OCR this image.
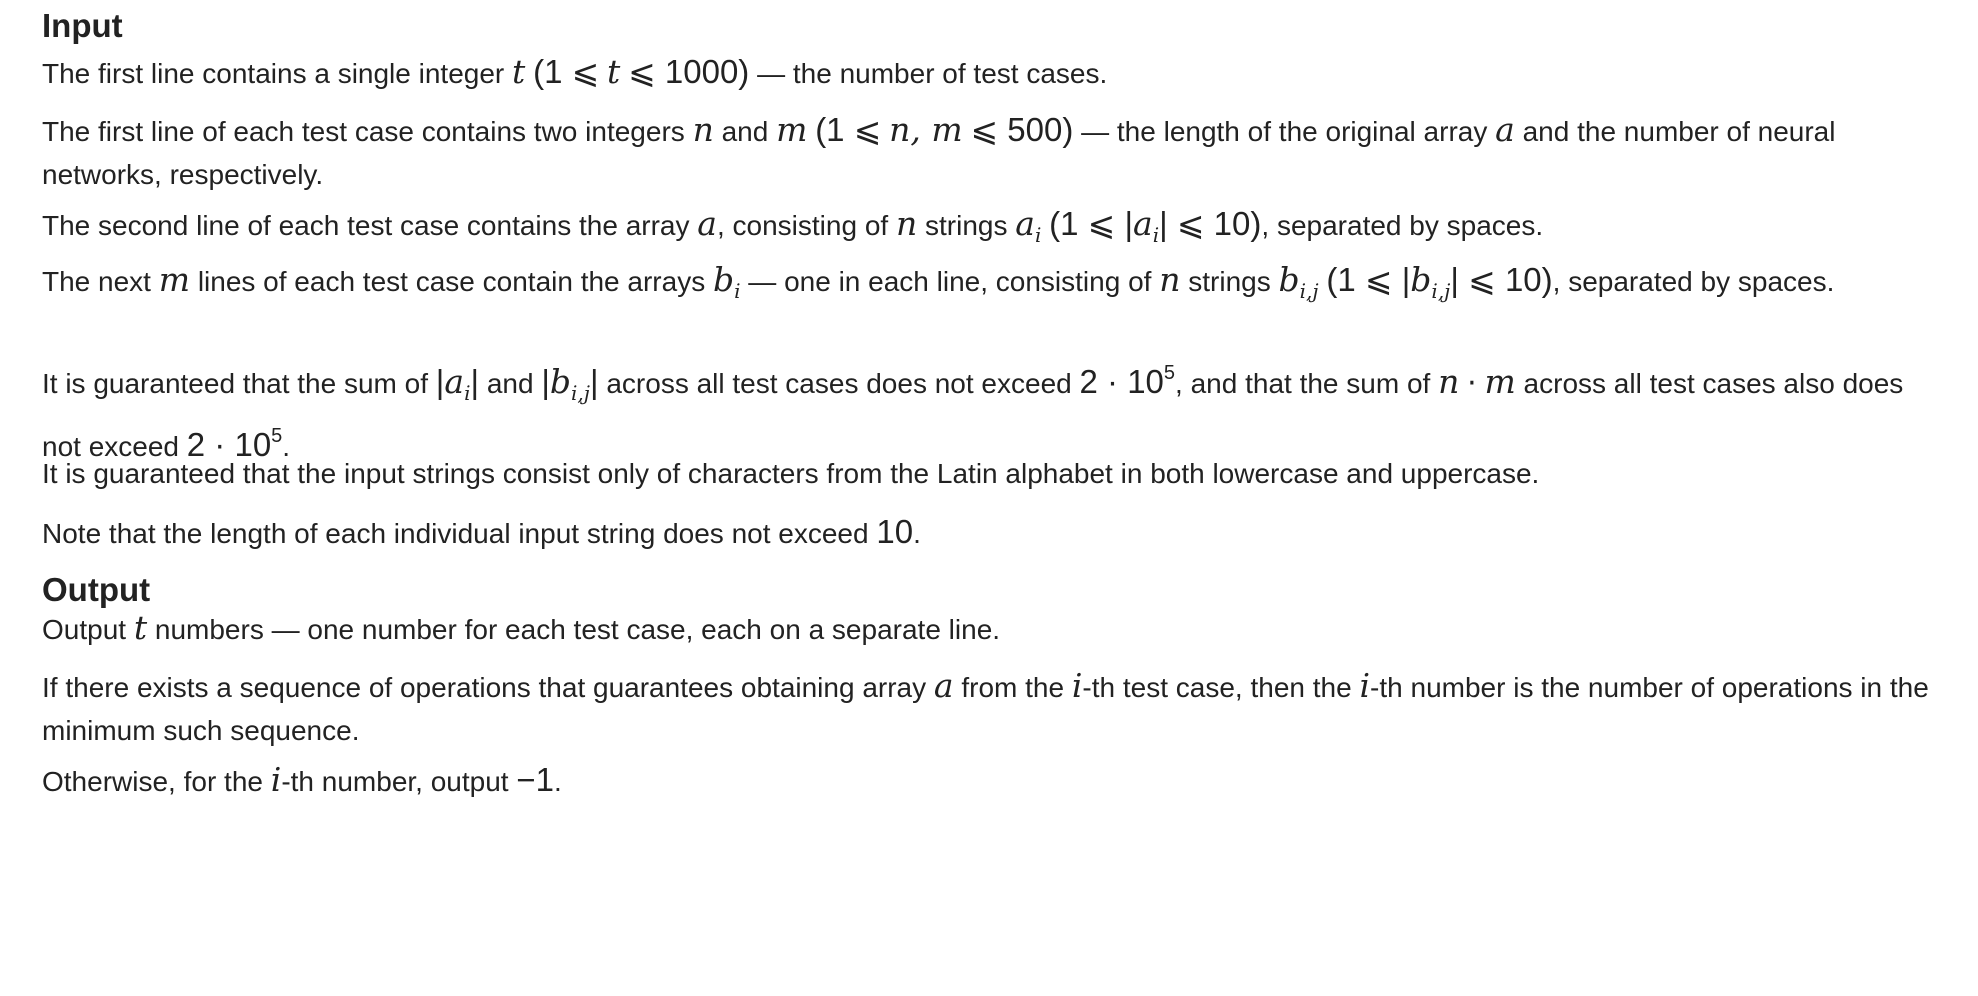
Input
The first line contains a single integer t (1 ⩽ t ⩽ 1000) — the number of test cases.
The first line of each test case contains two integers n and m (1 ⩽ n, m ⩽ 500) — the length of the original array a and the number of neural networks, respectively.
The second line of each test case contains the array a, consisting of n strings $a_i$ (1 ⩽ $|a_i|$ ⩽ 10), separated by spaces.
The next m lines of each test case contain the arrays $b_i$ — one in each line, consisting of n strings $b_{i,j}$ (1 ⩽ $|b_{i,j}|$ ⩽ 10), separated by spaces.
It is guaranteed that the sum of $|a_i|$ and $|b_{i,j}|$ across all test cases does not exceed $2 \cdot 10^5$, and that the sum of n · m across all test cases also does not exceed $2 \cdot 10^5$.
It is guaranteed that the input strings consist only of characters from the Latin alphabet in both lowercase and uppercase.
Note that the length of each individual input string does not exceed 10.
Output
Output t numbers — one number for each test case, each on a separate line.
If there exists a sequence of operations that guarantees obtaining array a from the i-th test case, then the i-th number is the number of operations in the minimum such sequence.
Otherwise, for the i-th number, output −1.
